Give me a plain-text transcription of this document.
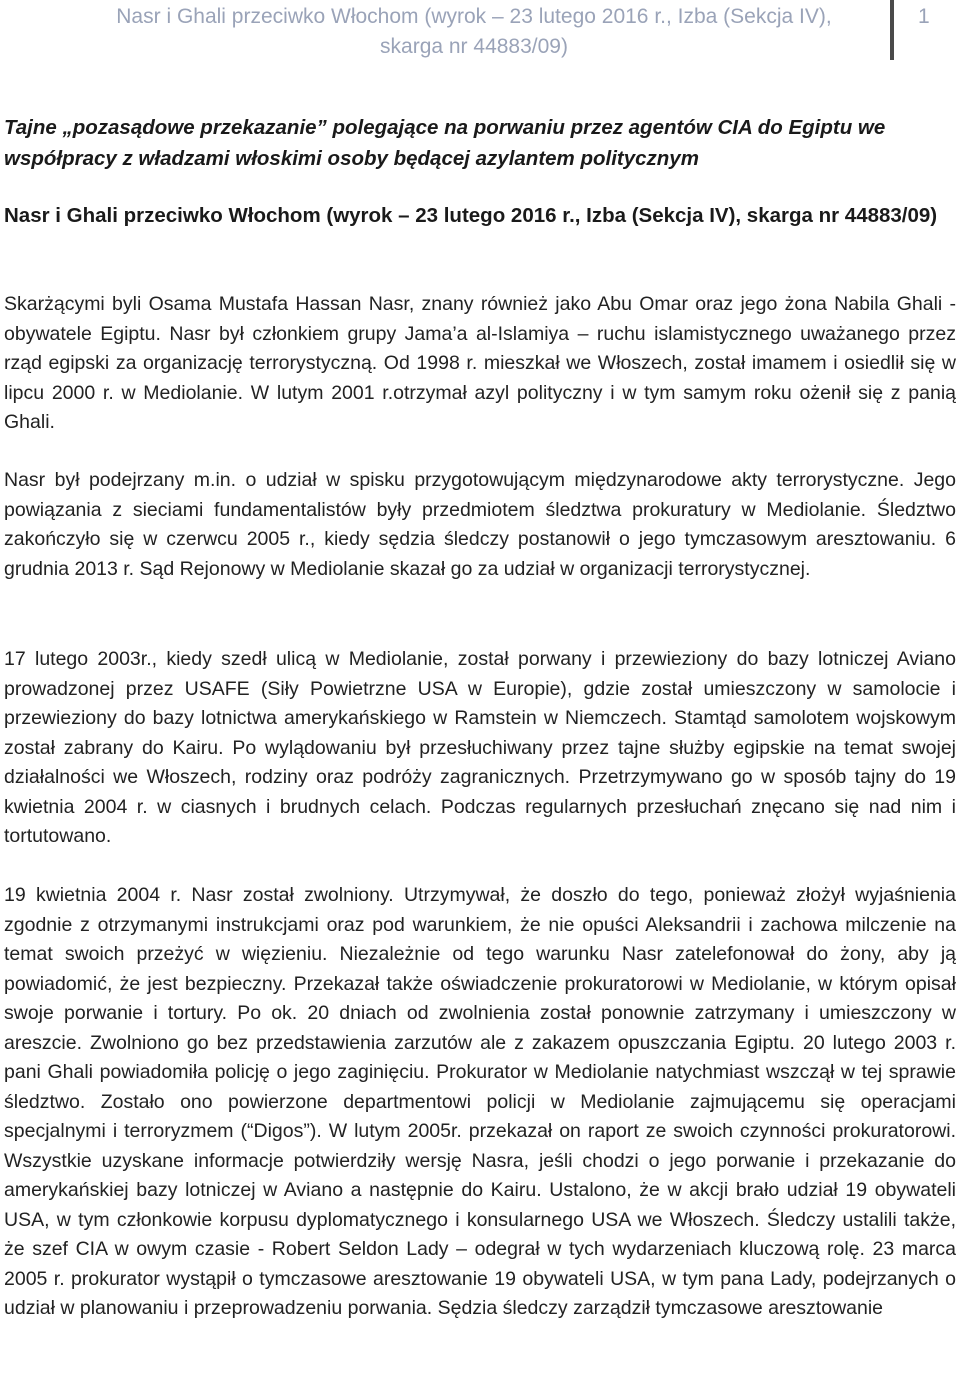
Nasr i Ghali przeciwko Włochom (wyrok – 23 lutego 2016 r., Izba (Sekcja IV),
skarga nr 44883/09)
1

Tajne „pozasądowe przekazanie” polegające na porwaniu przez agentów CIA do Egiptu we współpracy z władzami włoskimi osoby będącej azylantem politycznym

Nasr i Ghali przeciwko Włochom (wyrok – 23 lutego 2016 r., Izba (Sekcja IV), skarga nr 44883/09)

Skarżącymi byli Osama Mustafa Hassan Nasr, znany również jako Abu Omar oraz jego żona Nabila Ghali - obywatele Egiptu. Nasr był członkiem grupy Jama’a al-Islamiya – ruchu islamistycznego uważanego przez rząd egipski za organizację terrorystyczną. Od 1998 r. mieszkał we Włoszech, został imamem i osiedlił się w lipcu 2000 r. w Mediolanie. W lutym 2001 r.otrzymał azyl polityczny i w tym samym roku ożenił się z panią Ghali.

Nasr był podejrzany m.in. o udział w spisku przygotowującym międzynarodowe akty terrorystyczne. Jego powiązania z sieciami fundamentalistów były przedmiotem śledztwa prokuratury w Mediolanie. Śledztwo zakończyło się w czerwcu 2005 r., kiedy sędzia śledczy postanowił o jego tymczasowym aresztowaniu. 6 grudnia 2013 r. Sąd Rejonowy w Mediolanie skazał go za udział w organizacji terrorystycznej.

17 lutego 2003r., kiedy szedł ulicą w Mediolanie, został porwany i przewieziony do bazy lotniczej Aviano prowadzonej przez USAFE (Siły Powietrzne USA w Europie), gdzie został umieszczony w samolocie i przewieziony do bazy lotnictwa amerykańskiego w Ramstein w Niemczech. Stamtąd samolotem wojskowym został zabrany do Kairu. Po wylądowaniu był przesłuchiwany przez tajne służby egipskie na temat swojej działalności we Włoszech, rodziny oraz podróży zagranicznych. Przetrzymywano go w sposób tajny do 19 kwietnia 2004 r. w ciasnych i brudnych celach. Podczas regularnych przesłuchań znęcano się nad nim i tortutowano.

19 kwietnia 2004 r. Nasr został zwolniony. Utrzymywał, że doszło do tego, ponieważ złożył wyjaśnienia zgodnie z otrzymanymi instrukcjami oraz pod warunkiem, że nie opuści Aleksandrii i zachowa milczenie na temat swoich przeżyć w więzieniu. Niezależnie od tego warunku Nasr zatelefonował do żony, aby ją powiadomić, że jest bezpieczny. Przekazał także oświadczenie prokuratorowi w Mediolanie, w którym opisał swoje porwanie i tortury. Po ok. 20 dniach od zwolnienia został ponownie zatrzymany i umieszczony w areszcie. Zwolniono go bez przedstawienia zarzutów ale z zakazem opuszczania Egiptu. 20 lutego 2003 r. pani Ghali powiadomiła policję o jego zaginięciu. Prokurator w Mediolanie natychmiast wszczął w tej sprawie śledztwo. Zostało ono powierzone departmentowi policji w Mediolanie zajmującemu się operacjami specjalnymi i terroryzmem (“Digos”). W lutym 2005r. przekazał on raport ze swoich czynności prokuratorowi. Wszystkie uzyskane informacje potwierdziły wersję Nasra, jeśli chodzi o jego porwanie i przekazanie do amerykańskiej bazy lotniczej w Aviano a następnie do Kairu. Ustalono, że w akcji brało udział 19 obywateli USA, w tym członkowie korpusu dyplomatycznego i konsularnego USA we Włoszech. Śledczy ustalili także, że szef CIA w owym czasie - Robert Seldon Lady – odegrał w tych wydarzeniach kluczową rolę. 23 marca 2005 r. prokurator wystąpił o tymczasowe aresztowanie 19 obywateli USA, w tym pana Lady, podejrzanych o udział w planowaniu i przeprowadzeniu porwania. Sędzia śledczy zarządził tymczasowe aresztowanie
